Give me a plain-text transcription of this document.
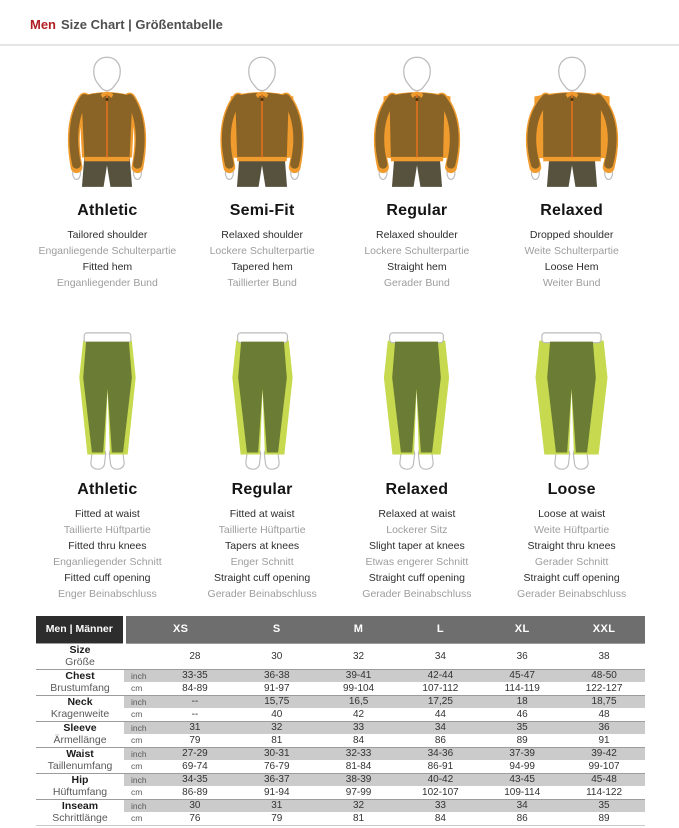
Men Size Chart | Größentabelle
Athletic
Tailored shoulder
Enganliegende Schulterpartie
Fitted hem
Enganliegender Bund
Semi-Fit
Relaxed shoulder
Lockere Schulterpartie
Tapered hem
Taillierter Bund
Regular
Relaxed shoulder
Lockere Schulterpartie
Straight hem
Gerader Bund
Relaxed
Dropped shoulder
Weite Schulterpartie
Loose Hem
Weiter Bund
Athletic
Fitted at waist
Taillierte Hüftpartie
Fitted thru knees
Enganliegender Schnitt
Fitted cuff opening
Enger Beinabschluss
Regular
Fitted at waist
Taillierte Hüftpartie
Tapers at knees
Enger Schnitt
Straight cuff opening
Gerader Beinabschluss
Relaxed
Relaxed at waist
Lockerer Sitz
Slight taper at knees
Etwas engerer Schnitt
Straight cuff opening
Gerader Beinabschluss
Loose
Loose at waist
Weite Hüftpartie
Straight thru knees
Gerader Schnitt
Straight cuff opening
Gerader Beinabschluss
Men | Männer	XS		S	M	L	XL	XXL

Size
Größe		28	30	32	34	36	38

Chest
Brustumfang	inch	33-35	36-38	39-41	42-44	45-47	48-50
	cm	84-89	91-97	99-104	107-112	114-119	122-127

Neck
Kragenweite	inch	--	15,75	16,5	17,25	18	18,75
	cm	--	40	42	44	46	48

Sleeve
Ärmellänge	inch	31	32	33	34	35	36
	cm	79	81	84	86	89	91

Waist
Taillenumfang	inch	27-29	30-31	32-33	34-36	37-39	39-42
	cm	69-74	76-79	81-84	86-91	94-99	99-107

Hip
Hüftumfang	inch	34-35	36-37	38-39	40-42	43-45	45-48
	cm	86-89	91-94	97-99	102-107	109-114	114-122

Inseam
Schrittlänge	inch	30	31	32	33	34	35
	cm	76	79	81	84	86	89
